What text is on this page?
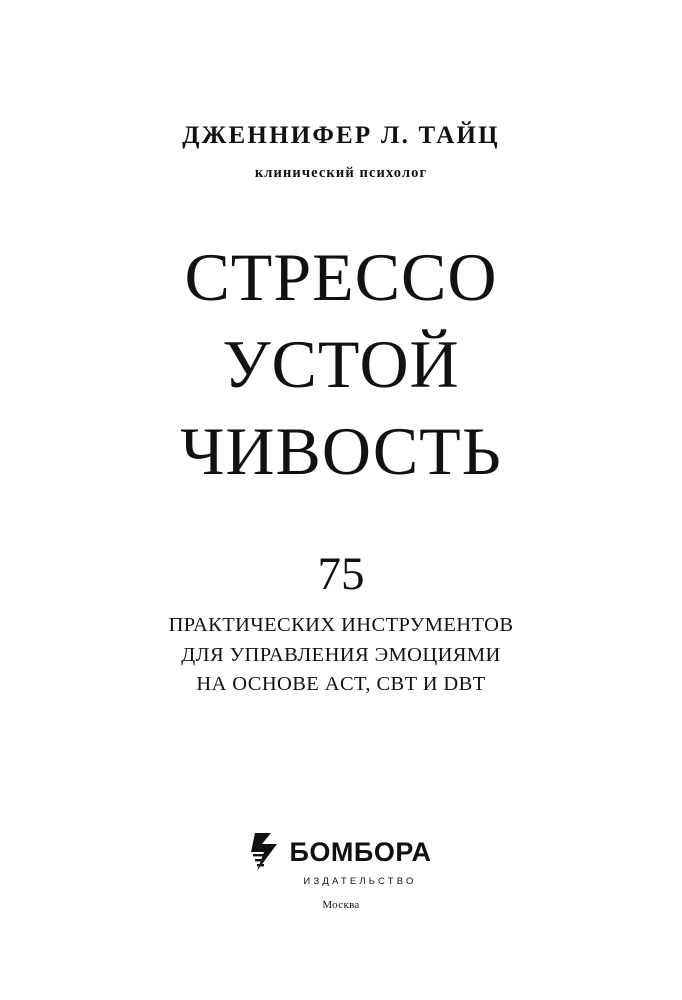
ДЖЕННИФЕР Л. ТАЙЦ
клинический психолог
СТРЕССО
УСТОЙ
ЧИВОСТЬ
75
ПРАКТИЧЕСКИХ ИНСТРУМЕНТОВ
ДЛЯ УПРАВЛЕНИЯ ЭМОЦИЯМИ
НА ОСНОВЕ ACT, CBT И DBT
БОМБОРА
ИЗДАТЕЛЬСТВО
Москва
